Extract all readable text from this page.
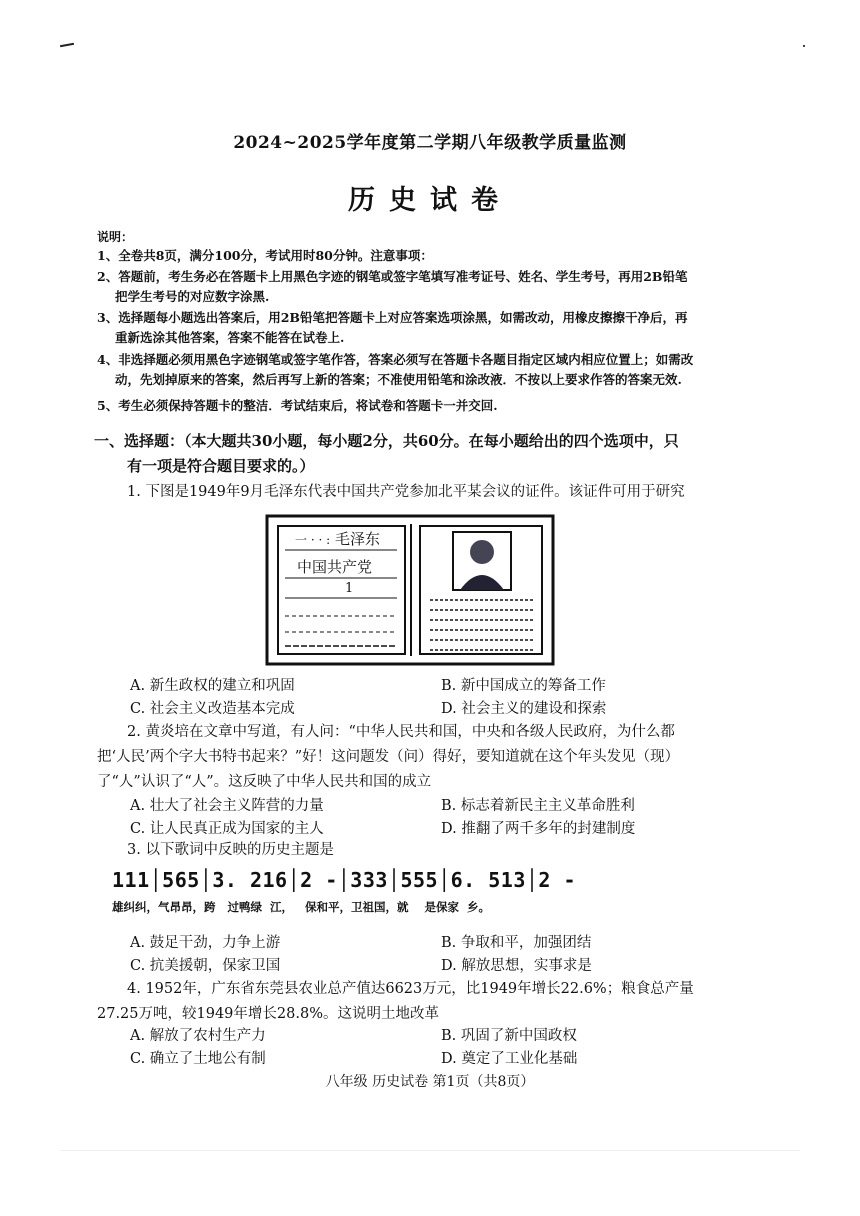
2024~2025学年度第二学期八年级教学质量监测
历史试卷
说明：
1、全卷共8页，满分100分，考试用时80分钟。注意事项：
2、答题前，考生务必在答题卡上用黑色字迹的钢笔或签字笔填写准考证号、姓名、学生考号，再用2B铅笔
把学生考号的对应数字涂黑.
3、选择题每小题选出答案后，用2B铅笔把答题卡上对应答案选项涂黑，如需改动，用橡皮擦擦干净后，再
重新选涂其他答案，答案不能答在试卷上.
4、非选择题必须用黑色字迹钢笔或签字笔作答，答案必须写在答题卡各题目指定区域内相应位置上；如需改
动，先划掉原来的答案，然后再写上新的答案；不准使用铅笔和涂改液．不按以上要求作答的答案无效.
5、考生必须保持答题卡的整洁．考试结束后，将试卷和答题卡一并交回.
一、选择题：（本大题共30小题，每小题2分，共60分。在每小题给出的四个选项中，只
有一项是符合题目要求的。）
1. 下图是1949年9月毛泽东代表中国共产党参加北平某会议的证件。该证件可用于研究
一 · · : 毛泽东
中国共产党
1
A. 新生政权的建立和巩固	B. 新中国成立的筹备工作
C. 社会主义改造基本完成	D. 社会主义的建设和探索
2. 黄炎培在文章中写道，有人问：“中华人民共和国，中央和各级人民政府，为什么都
把‘人民’两个字大书特书起来？”好！这问题发（问）得好，要知道就在这个年头发见（现）
了“人”认识了“人”。这反映了中华人民共和国的成立
A. 壮大了社会主义阵营的力量	B. 标志着新民主主义革命胜利
C. 让人民真正成为国家的主人	D. 推翻了两千多年的封建制度
3. 以下歌词中反映的历史主题是
111│565│3. 216│2 -│333│555│6. 513│2 -
雄纠纠，气昂昂，跨   过鸭绿  江，   保和平，卫祖国，就    是保家  乡。
A. 鼓足干劲，力争上游	B. 争取和平，加强团结
C. 抗美援朝，保家卫国	D. 解放思想，实事求是
4. 1952年，广东省东莞县农业总产值达6623万元，比1949年增长22.6%；粮食总产量
27.25万吨，较1949年增长28.8%。这说明土地改革
A. 解放了农村生产力	B. 巩固了新中国政权
C. 确立了土地公有制	D. 奠定了工业化基础
八年级 历史试卷 第1页（共8页）
